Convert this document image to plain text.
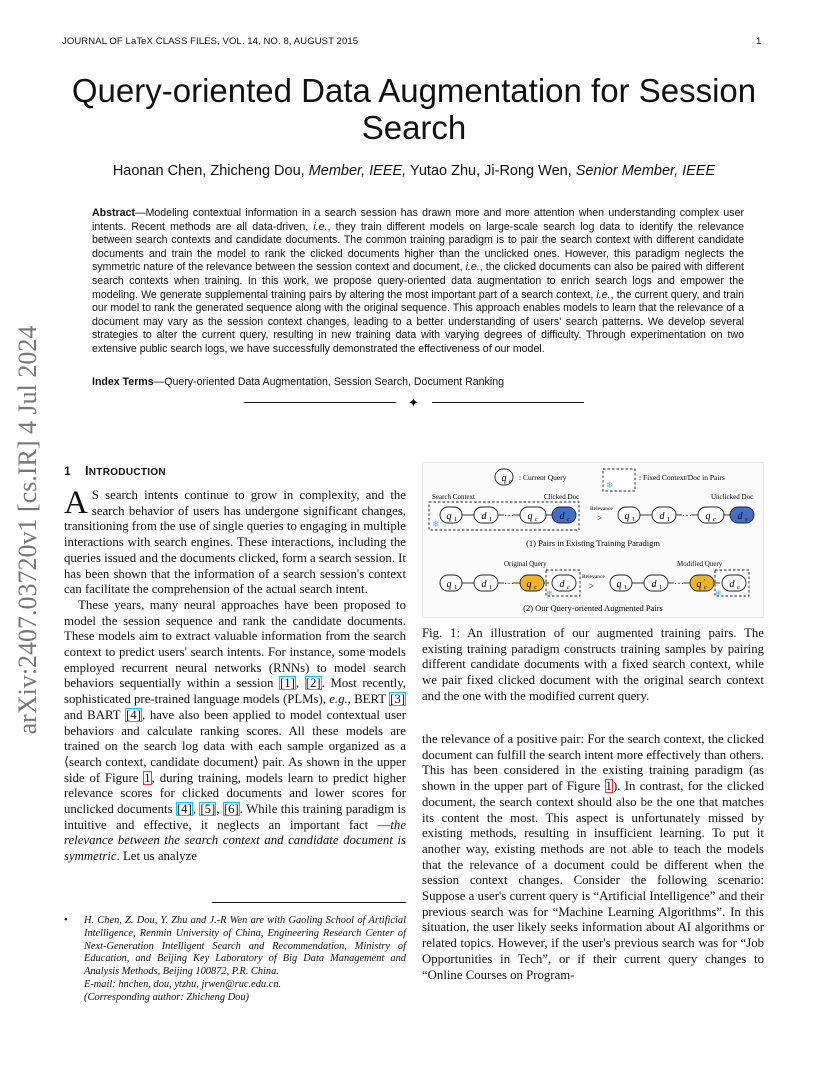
JOURNAL OF LaTeX CLASS FILES, VOL. 14, NO. 8, AUGUST 2015	1
arXiv:2407.03720v1 [cs.IR] 4 Jul 2024
Query-oriented Data Augmentation for Session Search
Haonan Chen, Zhicheng Dou, Member, IEEE, Yutao Zhu, Ji-Rong Wen, Senior Member, IEEE
Abstract—Modeling contextual information in a search session has drawn more and more attention when understanding complex user intents. Recent methods are all data-driven, i.e., they train different models on large-scale search log data to identify the relevance between search contexts and candidate documents. The common training paradigm is to pair the search context with different candidate documents and train the model to rank the clicked documents higher than the unclicked ones. However, this paradigm neglects the symmetric nature of the relevance between the session context and document, i.e., the clicked documents can also be paired with different search contexts when training. In this work, we propose query-oriented data augmentation to enrich search logs and empower the modeling. We generate supplemental training pairs by altering the most important part of a search context, i.e., the current query, and train our model to rank the generated sequence along with the original sequence. This approach enables models to learn that the relevance of a document may vary as the session context changes, leading to a better understanding of users' search patterns. We develop several strategies to alter the current query, resulting in new training data with varying degrees of difficulty. Through experimentation on two extensive public search logs, we have successfully demonstrated the effectiveness of our model.
Index Terms—Query-oriented Data Augmentation, Session Search, Document Ranking
✦
1 INTRODUCTION

A S search intents continue to grow in complexity, and the search behavior of users has undergone significant changes, transitioning from the use of single queries to engaging in multiple interactions with search engines. These interactions, including the queries issued and the documents clicked, form a search session. It has been shown that the information of a search session's context can facilitate the comprehension of the actual search intent.

These years, many neural approaches have been proposed to model the session sequence and rank the candidate documents. These models aim to extract valuable information from the search context to predict users' search intents. For instance, some models employed recurrent neural networks (RNNs) to model search behaviors sequentially within a session [1], [2]. Most recently, sophisticated pre-trained language models (PLMs), e.g., BERT [3] and BART [4], have also been applied to model contextual user behaviors and calculate ranking scores. All these models are trained on the search log data with each sample organized as a ⟨search context, candidate document⟩ pair. As shown in the upper side of Figure 1, during training, models learn to predict higher relevance scores for clicked documents and lower scores for unclicked documents [4], [5], [6]. While this training paradigm is intuitive and effective, it neglects an important fact —the relevance between the search context and candidate document is symmetric. Let us analyze

• H. Chen, Z. Dou, Y. Zhu and J.-R Wen are with Gaoling School of Artificial Intelligence, Renmin University of China, Engineering Research Center of Next-Generation Intelligent Search and Recommendation, Ministry of Education, and Beijing Key Laboratory of Big Data Management and Analysis Methods, Beijing 100872, P.R. China.
E-mail: hnchen, dou, ytzhu, jrwen@ruc.edu.cn.
(Corresponding author: Zhicheng Dou)
q c : Current Query
❄
: Fixed Context/Doc in Pairs
Search Context	Clicked Doc	Unclicked Doc
❄
q 1 d 1 ··· q c d c
Relevance
> q 1 d 1 ··· q c d s
(1) Pairs in Existing Training Paradigm
Original Query	Modified Query
q 1 d 1 ··· q c d c
❄
Relevance
> q 1 d 1 ··· q ′
c d c
❄
(2) Our Query-oriented Augmented Pairs
Fig. 1: An illustration of our augmented training pairs. The existing training paradigm constructs training samples by pairing different candidate documents with a fixed search context, while we pair fixed clicked document with the original search context and the one with the modified current query.

the relevance of a positive pair: For the search context, the clicked document can fulfill the search intent more effectively than others. This has been considered in the existing training paradigm (as shown in the upper part of Figure 1). In contrast, for the clicked document, the search context should also be the one that matches its content the most. This aspect is unfortunately missed by existing methods, resulting in insufficient learning. To put it another way, existing methods are not able to teach the models that the relevance of a document could be different when the session context changes. Consider the following scenario: Suppose a user's current query is “Artificial Intelligence” and their previous search was for “Machine Learning Algorithms”. In this situation, the user likely seeks information about AI algorithms or related topics. However, if the user's previous search was for “Job Opportunities in Tech”, or if their current query changes to “Online Courses on Program-
